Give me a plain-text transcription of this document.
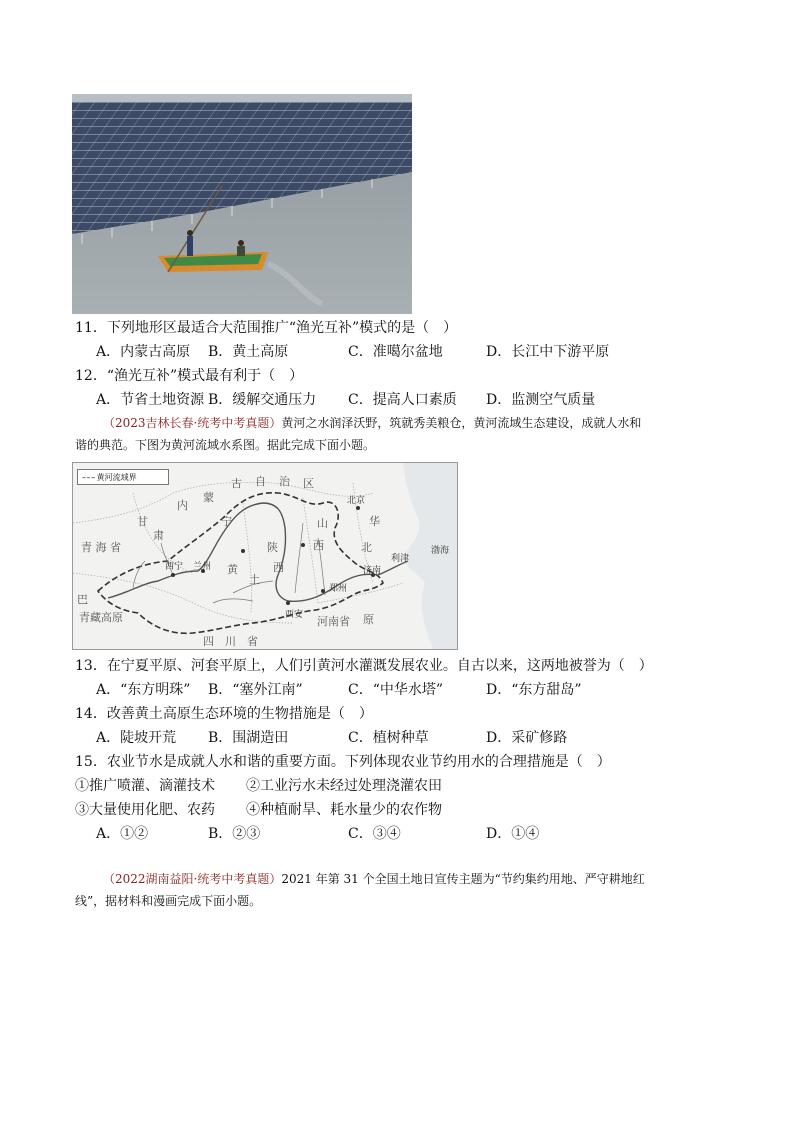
11．下列地形区最适合大范围推广“渔光互补”模式的是（　）
A．内蒙古高原 B．黄土高原	C．准噶尔盆地	D．长江中下游平原
12．“渔光互补”模式最有利于（　）
A．节省土地资源 B．缓解交通压力 C．提高人口素质 D．监测空气质量
（2023吉林长春·统考中考真题）黄河之水润泽沃野，筑就秀美粮仓，黄河流域生态建设，成就人水和
谐的典范。下图为黄河流域水系图。据此完成下面小题。
– – – 黄河流域界
内
蒙
古 自 治 区
北京
华
北
山
西
甘
肃
宁
青 海 省
西宁 兰州
陕
西
黄
土
巴
青藏高原	西安 河南省
郑州
济南
利津
渤海
四　川　省
原
13．在宁夏平原、河套平原上，人们引黄河水灌溉发展农业。自古以来，这两地被誉为（　）
A．“东方明珠” B．“塞外江南”	C．“中华水塔”	D．“东方甜岛”
14．改善黄土高原生态环境的生物措施是（　）
A．陡坡开荒 B．围湖造田	C．植树种草	D．采矿修路
15．农业节水是成就人水和谐的重要方面。下列体现农业节约用水的合理措施是（　）
①推广喷灌、滴灌技术 ②工业污水未经过处理浇灌农田
③大量使用化肥、农药 ④种植耐旱、耗水量少的农作物
A．①②	B．②③	C．③④	D．①④
（2022湖南益阳·统考中考真题）2021 年第 31 个全国土地日宣传主题为“节约集约用地、严守耕地红
线”，据材料和漫画完成下面小题。
